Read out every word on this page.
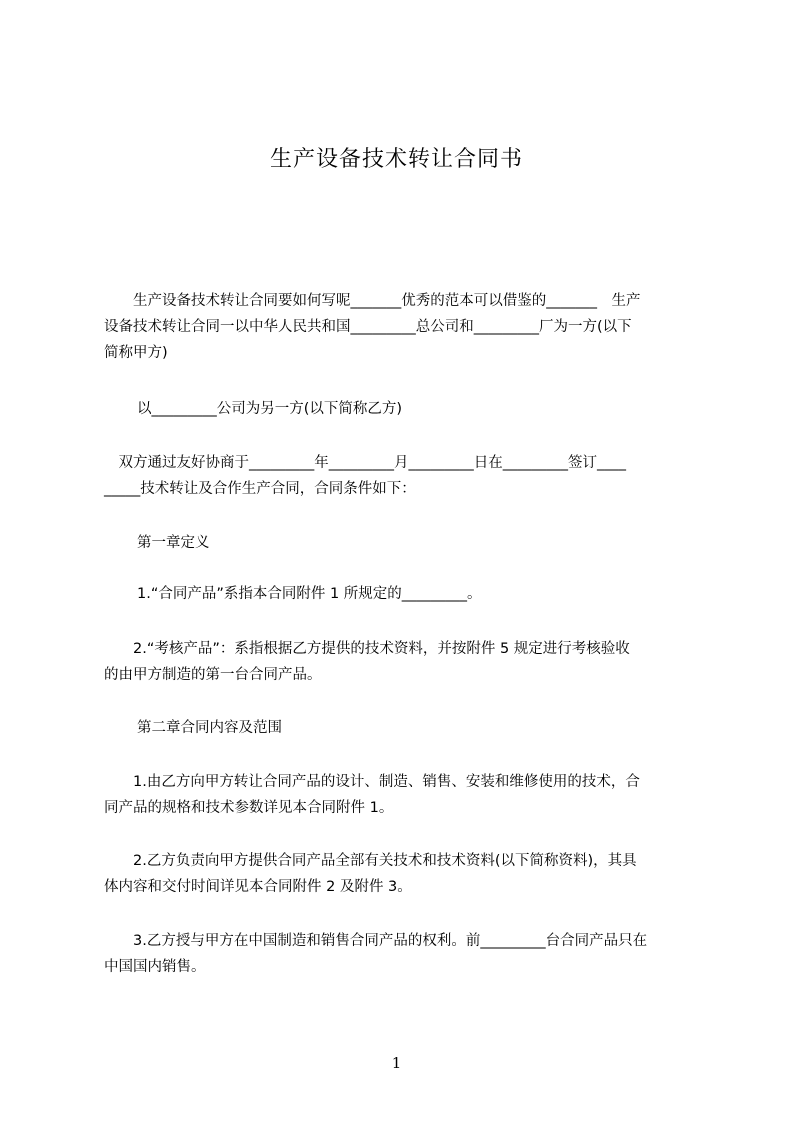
生产设备技术转让合同书
　　生产设备技术转让合同要如何写呢_______优秀的范本可以借鉴的_______　生产
设备技术转让合同一以中华人民共和国_________总公司和_________厂为一方(以下
简称甲方)
以_________公司为另一方(以下简称乙方)
　双方通过友好协商于_________年_________月_________日在_________签订____
_____技术转让及合作生产合同，合同条件如下：
第一章定义
1.“合同产品”系指本合同附件 1 所规定的_________。
　　2.“考核产品”：系指根据乙方提供的技术资料，并按附件 5 规定进行考核验收
的由甲方制造的第一台合同产品。
第二章合同内容及范围
　　1.由乙方向甲方转让合同产品的设计、制造、销售、安装和维修使用的技术，合
同产品的规格和技术参数详见本合同附件 1。
　　2.乙方负责向甲方提供合同产品全部有关技术和技术资料(以下简称资料)，其具
体内容和交付时间详见本合同附件 2 及附件 3。
　　3.乙方授与甲方在中国制造和销售合同产品的权利。前_________台合同产品只在
中国国内销售。
1
